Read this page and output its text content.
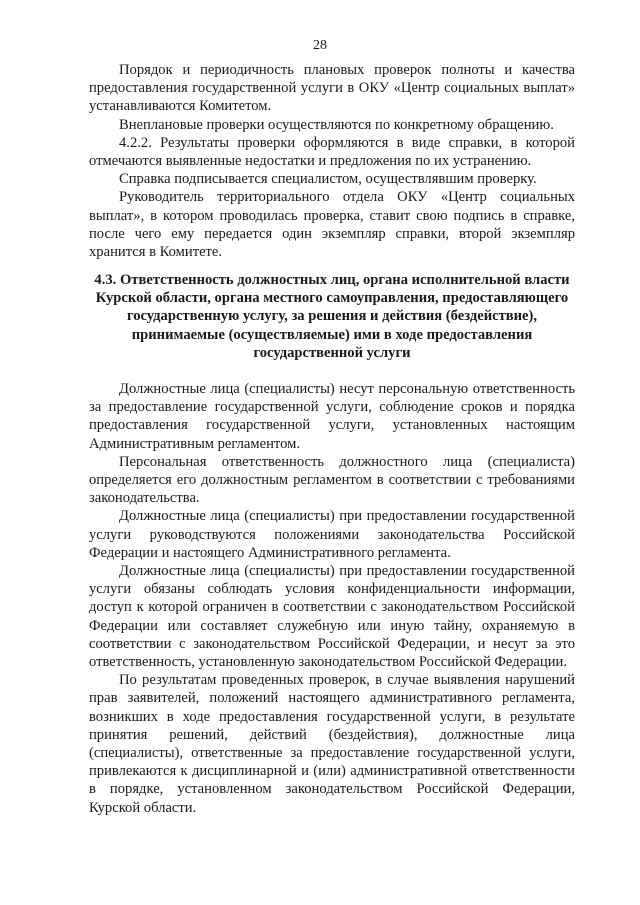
28

Порядок и периодичность плановых проверок полноты и качества предоставления государственной услуги в ОКУ «Центр социальных выплат» устанавливаются Комитетом.

Внеплановые проверки осуществляются по конкретному обращению.

4.2.2. Результаты проверки оформляются в виде справки, в которой отмечаются выявленные недостатки и предложения по их устранению.

Справка подписывается специалистом, осуществлявшим проверку.

Руководитель территориального отдела ОКУ «Центр социальных выплат», в котором проводилась проверка, ставит свою подпись в справке, после чего ему передается один экземпляр справки, второй экземпляр хранится в Комитете.

4.3. Ответственность должностных лиц, органа исполнительной власти Курской области, органа местного самоуправления, предоставляющего государственную услугу, за решения и действия (бездействие), принимаемые (осуществляемые) ими в ходе предоставления государственной услуги

Должностные лица (специалисты) несут персональную ответственность за предоставление государственной услуги, соблюдение сроков и порядка предоставления государственной услуги, установленных настоящим Административным регламентом.

Персональная ответственность должностного лица (специалиста) определяется его должностным регламентом в соответствии с требованиями законодательства.

Должностные лица (специалисты) при предоставлении государственной услуги руководствуются положениями законодательства Российской Федерации и настоящего Административного регламента.

Должностные лица (специалисты) при предоставлении государственной услуги обязаны соблюдать условия конфиденциальности информации, доступ к которой ограничен в соответствии с законодательством Российской Федерации или составляет служебную или иную тайну, охраняемую в соответствии с законодательством Российской Федерации, и несут за это ответственность, установленную законодательством Российской Федерации.

По результатам проведенных проверок, в случае выявления нарушений прав заявителей, положений настоящего административного регламента, возникших в ходе предоставления государственной услуги, в результате принятия решений, действий (бездействия), должностные лица (специалисты), ответственные за предоставление государственной услуги, привлекаются к дисциплинарной и (или) административной ответственности в порядке, установленном законодательством Российской Федерации, Курской области.
